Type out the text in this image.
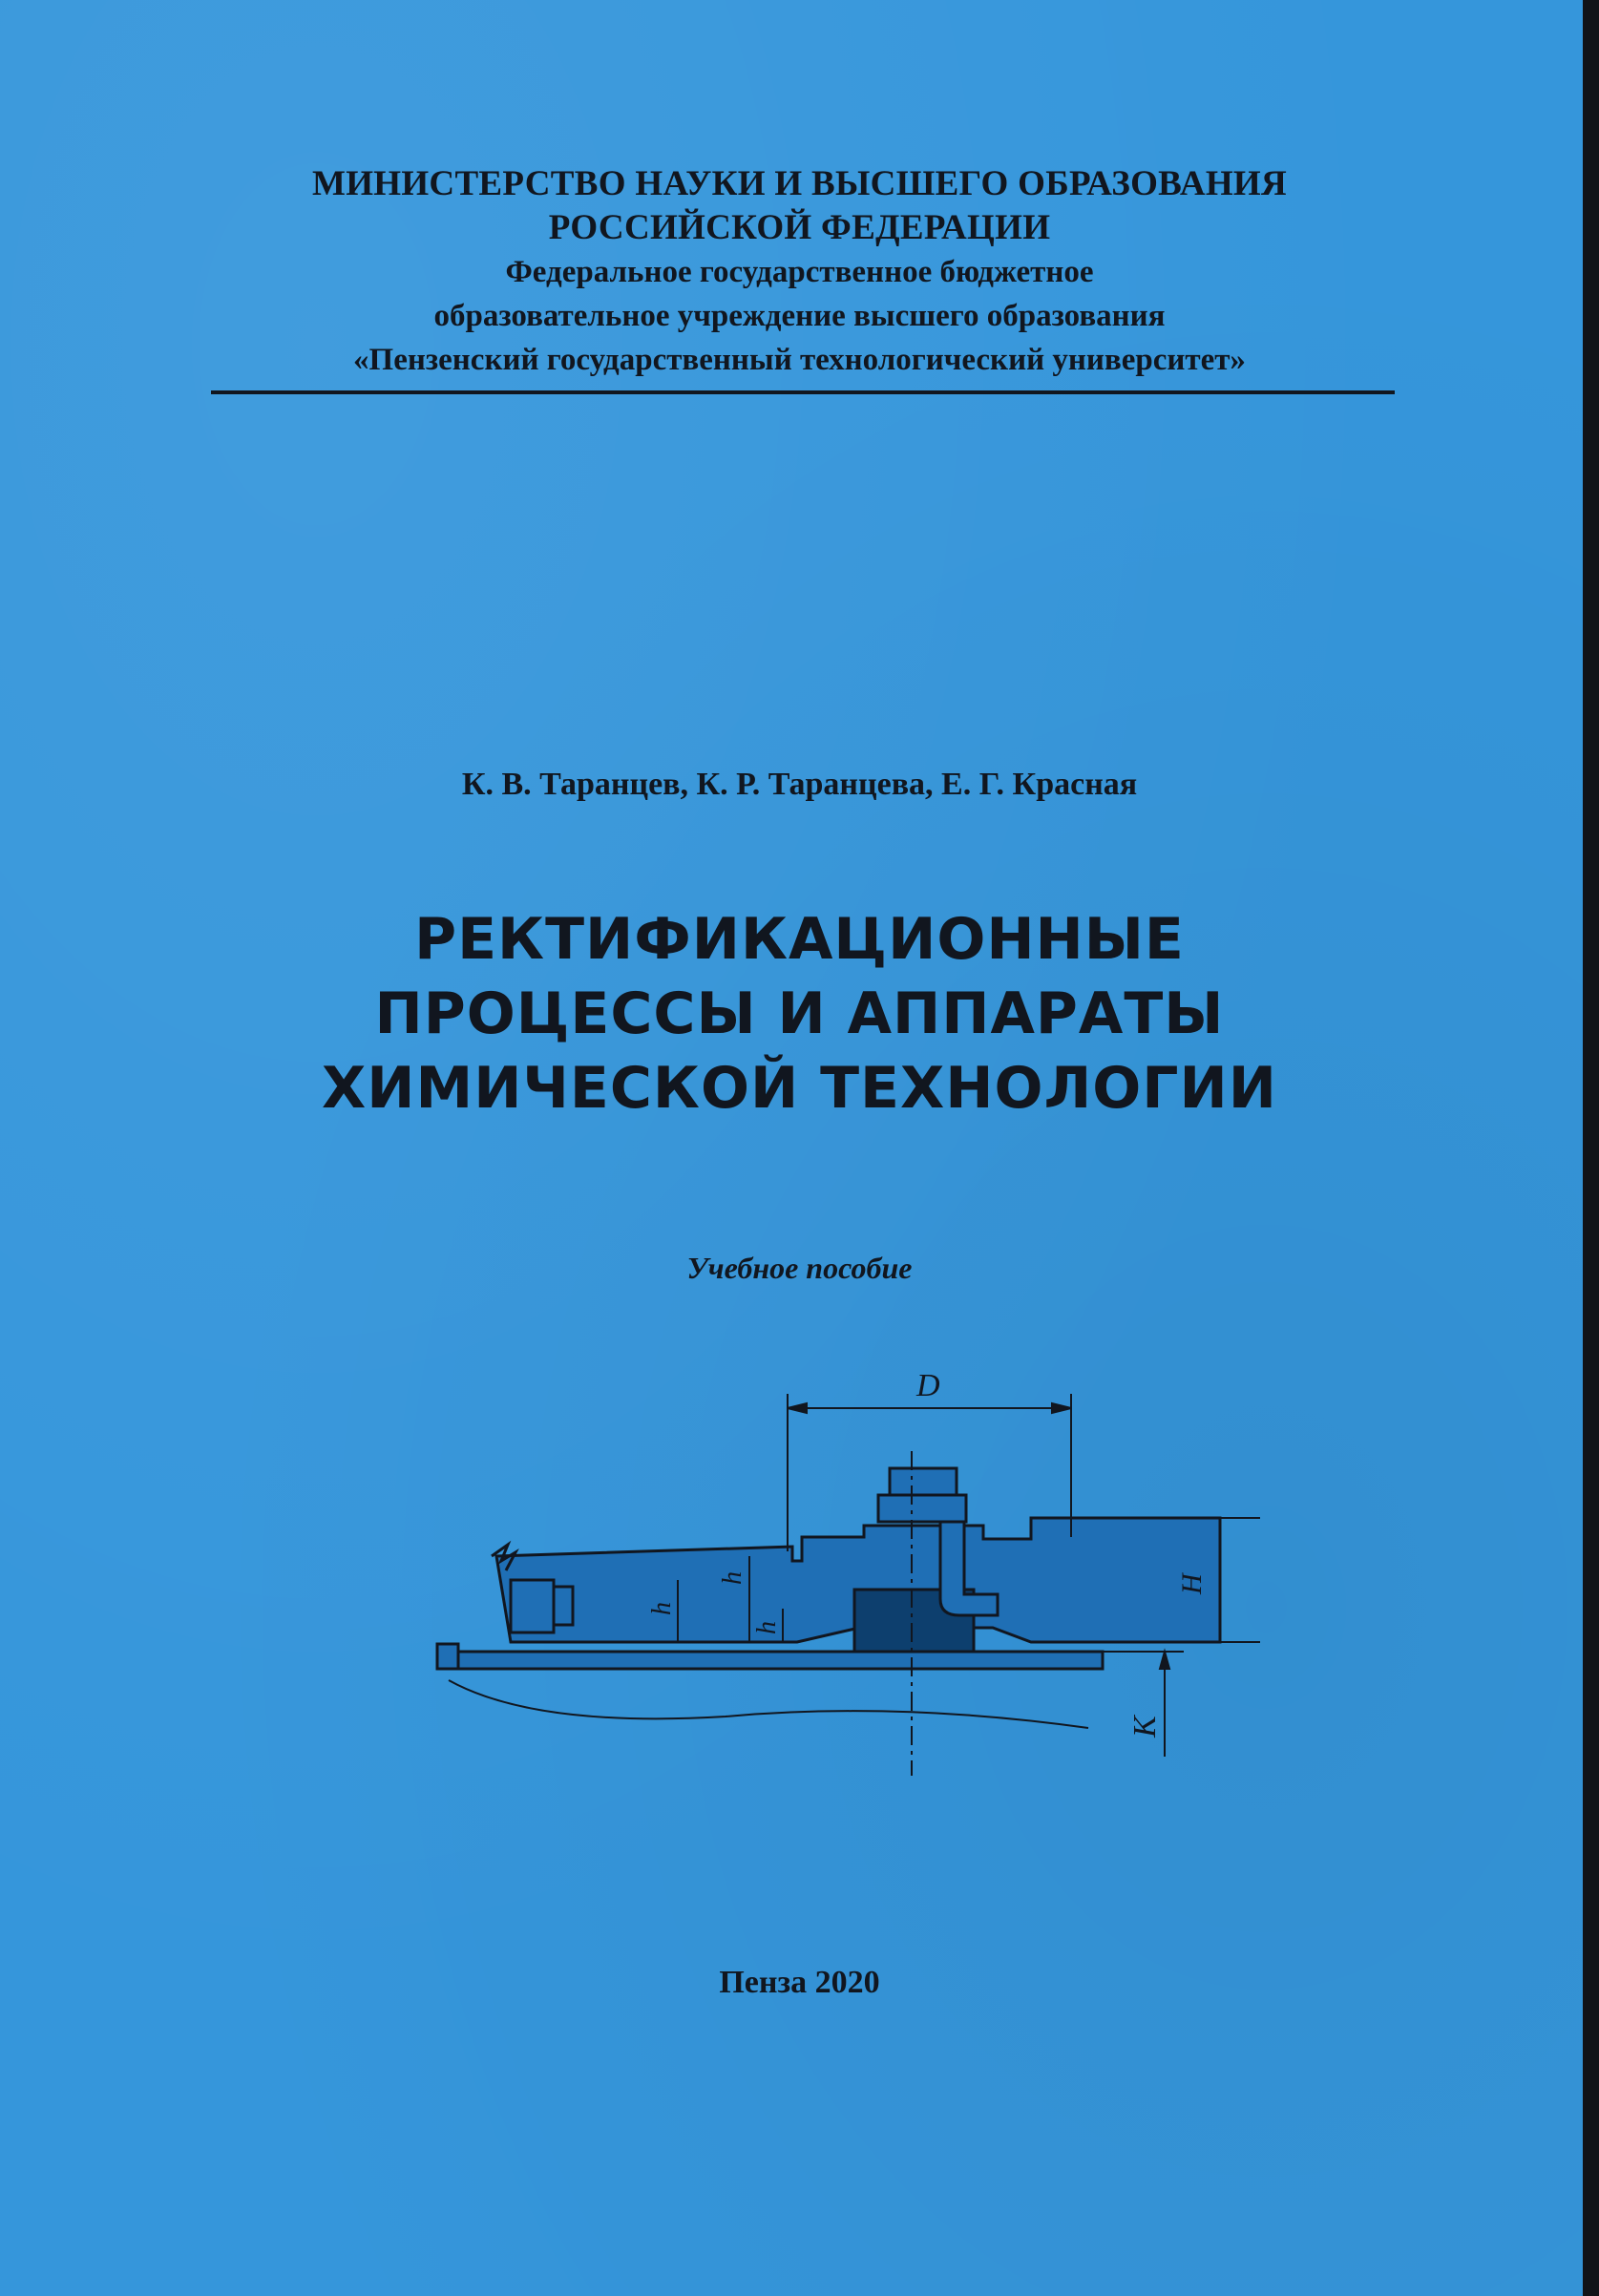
МИНИСТЕРСТВО НАУКИ И ВЫСШЕГО ОБРАЗОВАНИЯ
РОССИЙСКОЙ ФЕДЕРАЦИИ
Федеральное государственное бюджетное
образовательное учреждение высшего образования
«Пензенский государственный технологический университет»
К. В. Таранцев, К. Р. Таранцева, Е. Г. Красная
РЕКТИФИКАЦИОННЫЕ
ПРОЦЕССЫ И АППАРАТЫ
ХИМИЧЕСКОЙ ТЕХНОЛОГИИ
Учебное пособие
D
H
K
h
h
h
Пенза 2020
